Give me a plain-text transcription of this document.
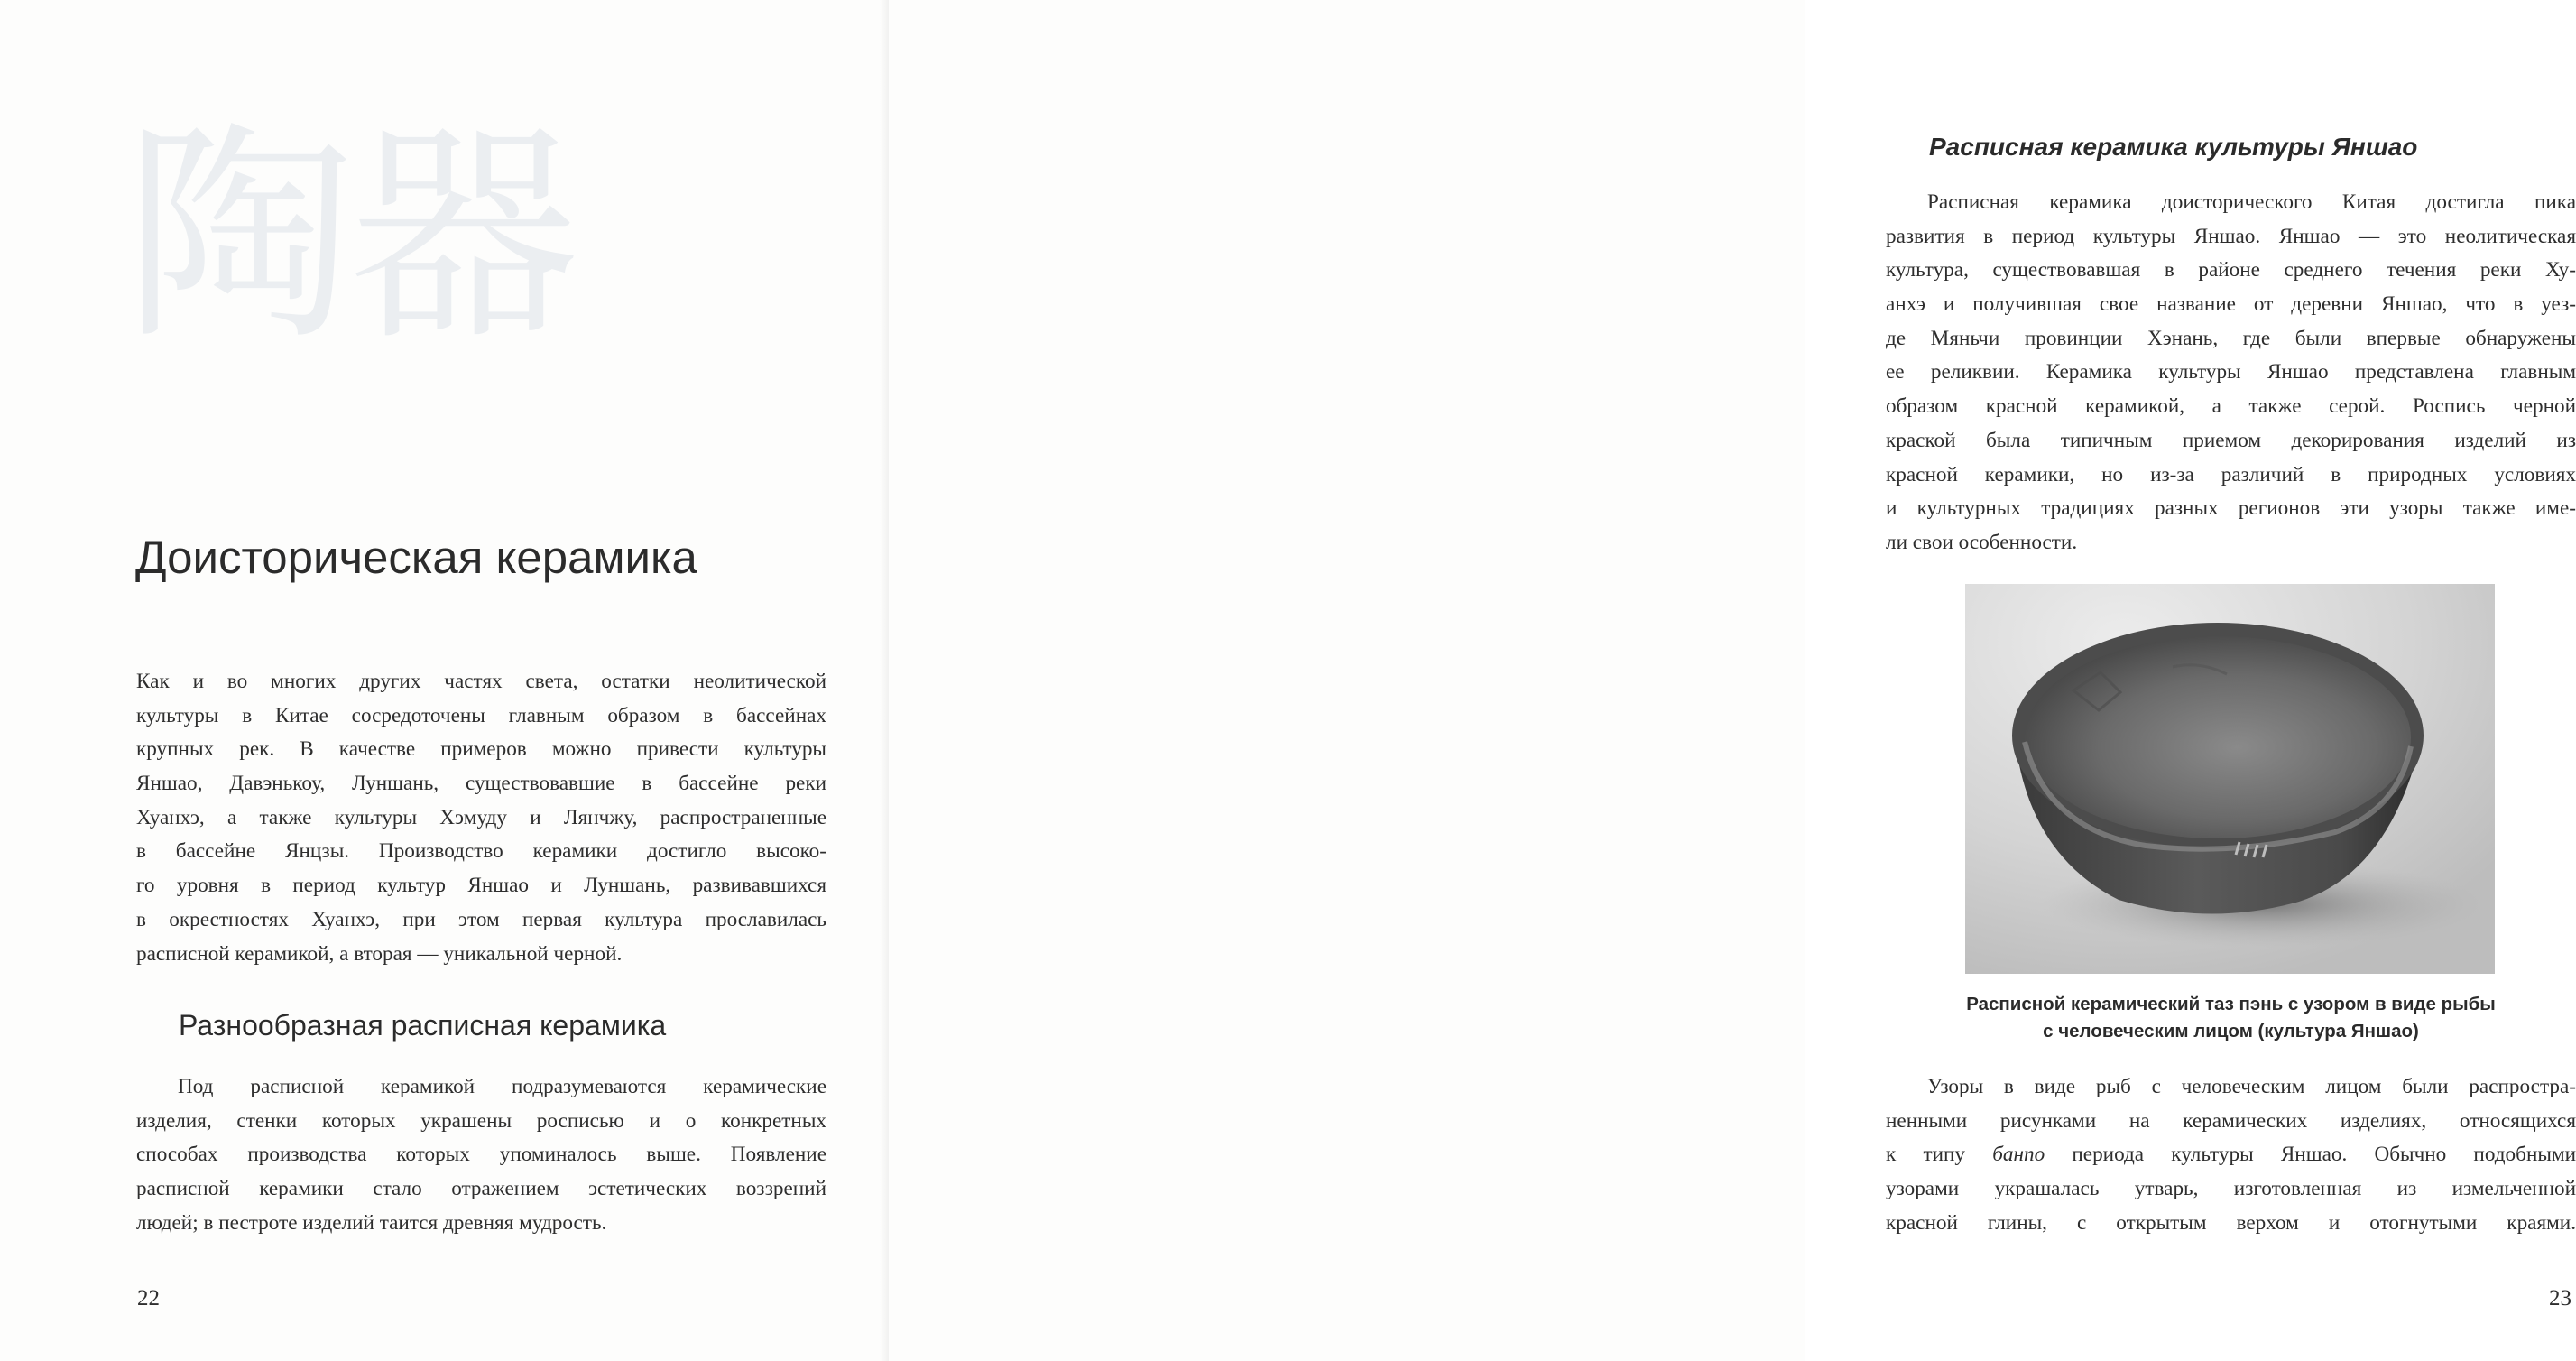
陶器
Доисторическая керамика

Как и во многих других частях света, остатки неолитической
культуры в Китае сосредоточены главным образом в бассейнах
крупных рек. В качестве примеров можно привести культуры
Яншао, Давэнькоу, Луншань, существовавшие в бассейне реки
Хуанхэ, а также культуры Хэмуду и Лянчжу, распространенные
в бассейне Янцзы. Производство керамики достигло высоко-
го уровня в период культур Яншао и Луншань, развивавшихся
в окрестностях Хуанхэ, при этом первая культура прославилась
расписной керамикой, а вторая — уникальной черной.

Разнообразная расписная керамика

Под расписной керамикой подразумеваются керамические
изделия, стенки которых украшены росписью и о конкретных
способах производства которых упоминалось выше. Появление
расписной керамики стало отражением эстетических воззрений
людей; в пестроте изделий таится древняя мудрость.

22
Расписная керамика культуры Яншао

Расписная керамика доисторического Китая достигла пика
развития в период культуры Яншао. Яншао — это неолитическая
культура, существовавшая в районе среднего течения реки Ху-
анхэ и получившая свое название от деревни Яншао, что в уез-
де Мяньчи провинции Хэнань, где были впервые обнаружены
ее реликвии. Керамика культуры Яншао представлена главным
образом красной керамикой, а также серой. Роспись черной
краской была типичным приемом декорирования изделий из
красной керамики, но из-за различий в природных условиях
и культурных традициях разных регионов эти узоры также име-
ли свои особенности.

Расписной керамический таз пэнь с узором в виде рыбы
с человеческим лицом (культура Яншао)

Узоры в виде рыб с человеческим лицом были распростра-
ненными рисунками на керамических изделиях, относящихся
к типу банпо периода культуры Яншао. Обычно подобными
узорами украшалась утварь, изготовленная из измельченной
красной глины, с открытым верхом и отогнутыми краями.

23
